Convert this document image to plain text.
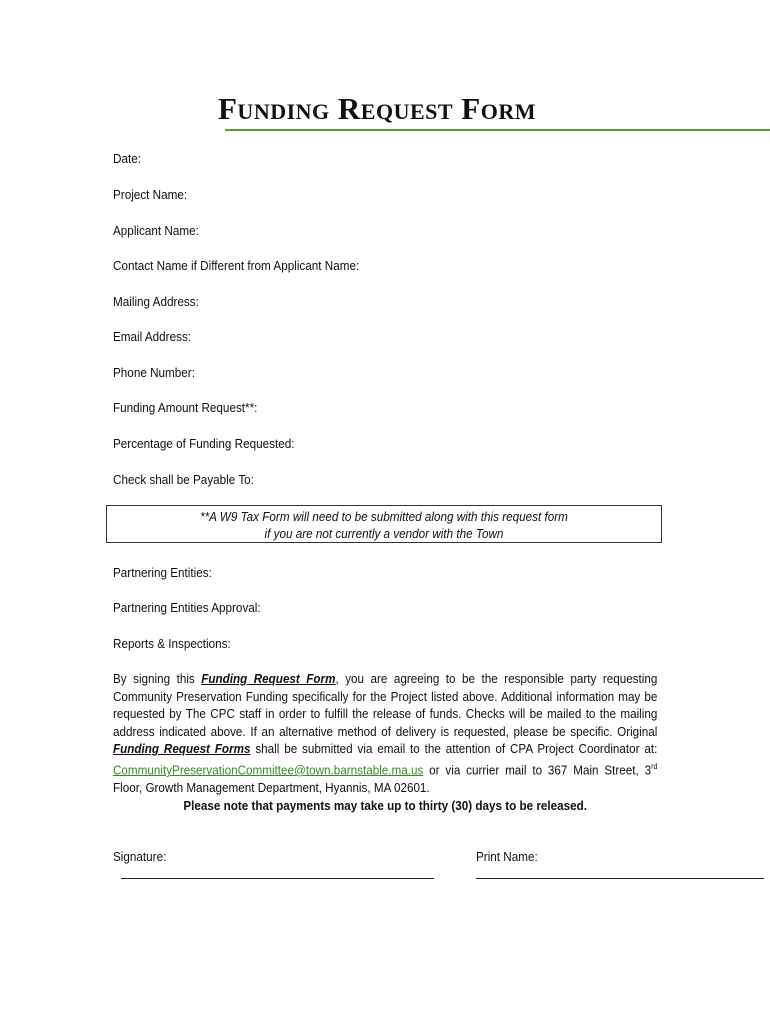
Funding Request Form
Date:
Project Name:
Applicant Name:
Contact Name if Different from Applicant Name:
Mailing Address:
Email Address:
Phone Number:
Funding Amount Request**:
Percentage of Funding Requested:
Check shall be Payable To:
**A W9 Tax Form will need to be submitted along with this request form
if you are not currently a vendor with the Town
Partnering Entities:
Partnering Entities Approval:
Reports & Inspections:
By signing this Funding Request Form, you are agreeing to be the responsible party requesting Community Preservation Funding specifically for the Project listed above. Additional information may be requested by The CPC staff in order to fulfill the release of funds. Checks will be mailed to the mailing address indicated above. If an alternative method of delivery is requested, please be specific. Original Funding Request Forms shall be submitted via email to the attention of CPA Project Coordinator at: CommunityPreservationCommittee@town.barnstable.ma.us or via currier mail to 367 Main Street, 3rd Floor, Growth Management Department, Hyannis, MA 02601.
Please note that payments may take up to thirty (30) days to be released.
Signature:	Print Name:
